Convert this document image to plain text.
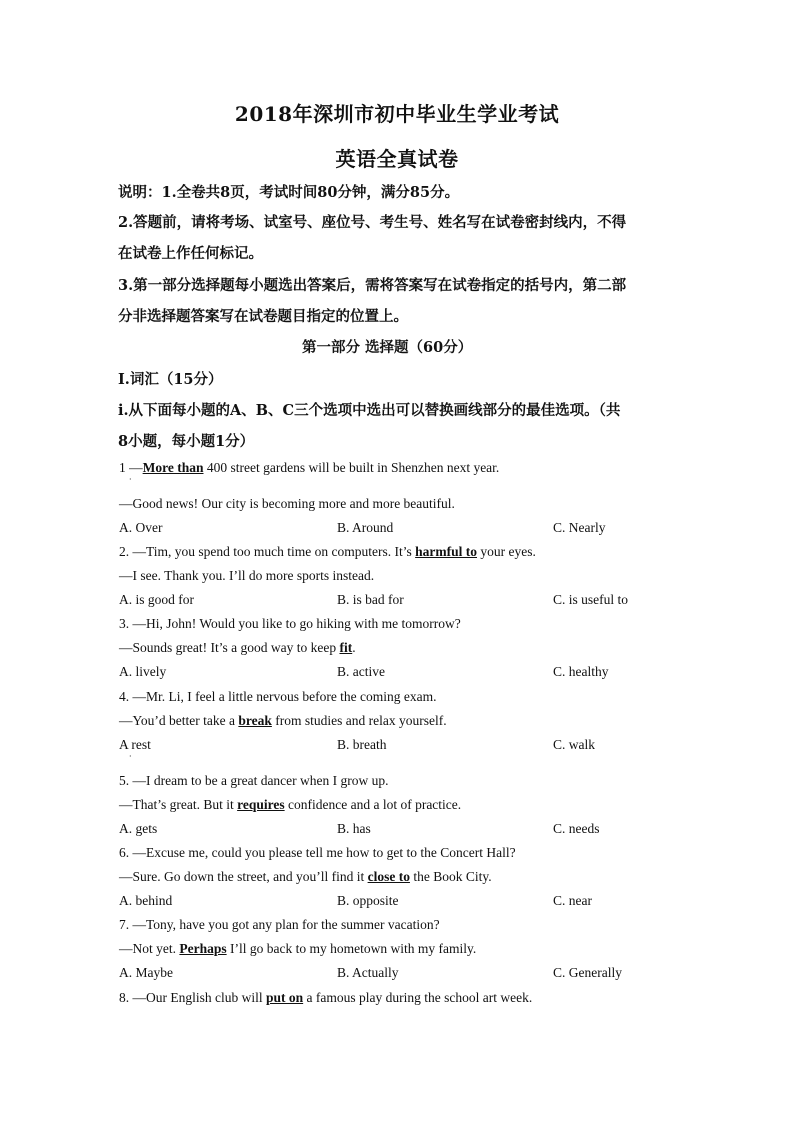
2018年深圳市初中毕业生学业考试
英语全真试卷
说明：1.全卷共8页，考试时间80分钟，满分85分。
2.答题前，请将考场、试室号、座位号、考生号、姓名写在试卷密封线内，不得
在试卷上作任何标记。
3.第一部分选择题每小题选出答案后，需将答案写在试卷指定的括号内，第二部
分非选择题答案写在试卷题目指定的位置上。
第一部分 选择题（60分）
I.词汇（15分）
i.从下面每小题的A、B、C三个选项中选出可以替换画线部分的最佳选项。（共
8小题，每小题1分）
1 —More than 400 street gardens will be built in Shenzhen next year.
—Good news! Our city is becoming more and more beautiful.
A. Over	B. Around	C. Nearly
2. —Tim, you spend too much time on computers. It’s harmful to your eyes.
—I see. Thank you. I’ll do more sports instead.
A. is good for	B. is bad for	C. is useful to
3. —Hi, John! Would you like to go hiking with me tomorrow?
—Sounds great! It’s a good way to keep fit.
A. lively	B. active	C. healthy
4. —Mr. Li, I feel a little nervous before the coming exam.
—You’d better take a break from studies and relax yourself.
A rest	B. breath	C. walk
5. —I dream to be a great dancer when I grow up.
—That’s great. But it requires confidence and a lot of practice.
A. gets	B. has	C. needs
6. —Excuse me, could you please tell me how to get to the Concert Hall?
—Sure. Go down the street, and you’ll find it close to the Book City.
A. behind	B. opposite	C. near
7. —Tony, have you got any plan for the summer vacation?
—Not yet. Perhaps I’ll go back to my hometown with my family.
A. Maybe	B. Actually	C. Generally
8. —Our English club will put on a famous play during the school art week.
·
·
